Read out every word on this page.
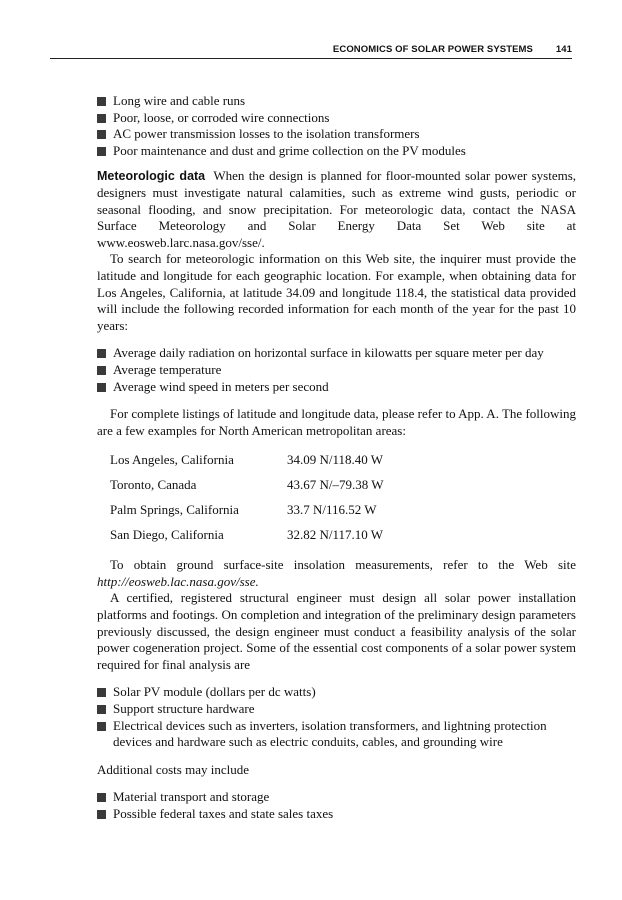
ECONOMICS OF SOLAR POWER SYSTEMS 141
Long wire and cable runs
Poor, loose, or corroded wire connections
AC power transmission losses to the isolation transformers
Poor maintenance and dust and grime collection on the PV modules

Meteorologic data When the design is planned for floor-mounted solar power systems, designers must investigate natural calamities, such as extreme wind gusts, periodic or seasonal flooding, and snow precipitation. For meteorologic data, contact the NASA Surface Meteorology and Solar Energy Data Set Web site at www.eosweb.larc.nasa.gov/sse/.

To search for meteorologic information on this Web site, the inquirer must provide the latitude and longitude for each geographic location. For example, when obtaining data for Los Angeles, California, at latitude 34.09 and longitude 118.4, the statistical data provided will include the following recorded information for each month of the year for the past 10 years:

Average daily radiation on horizontal surface in kilowatts per square meter per day
Average temperature
Average wind speed in meters per second

For complete listings of latitude and longitude data, please refer to App. A. The following are a few examples for North American metropolitan areas:

Los Angeles, California	34.09 N/118.40 W
Toronto, Canada	43.67 N/–79.38 W
Palm Springs, California	33.7 N/116.52 W
San Diego, California	32.82 N/117.10 W

To obtain ground surface-site insolation measurements, refer to the Web site http://eosweb.lac.nasa.gov/sse.

A certified, registered structural engineer must design all solar power installation platforms and footings. On completion and integration of the preliminary design parameters previously discussed, the design engineer must conduct a feasibility analysis of the solar power cogeneration project. Some of the essential cost components of a solar power system required for final analysis are

Solar PV module (dollars per dc watts)
Support structure hardware
Electrical devices such as inverters, isolation transformers, and lightning protection devices and hardware such as electric conduits, cables, and grounding wire

Additional costs may include

Material transport and storage
Possible federal taxes and state sales taxes
